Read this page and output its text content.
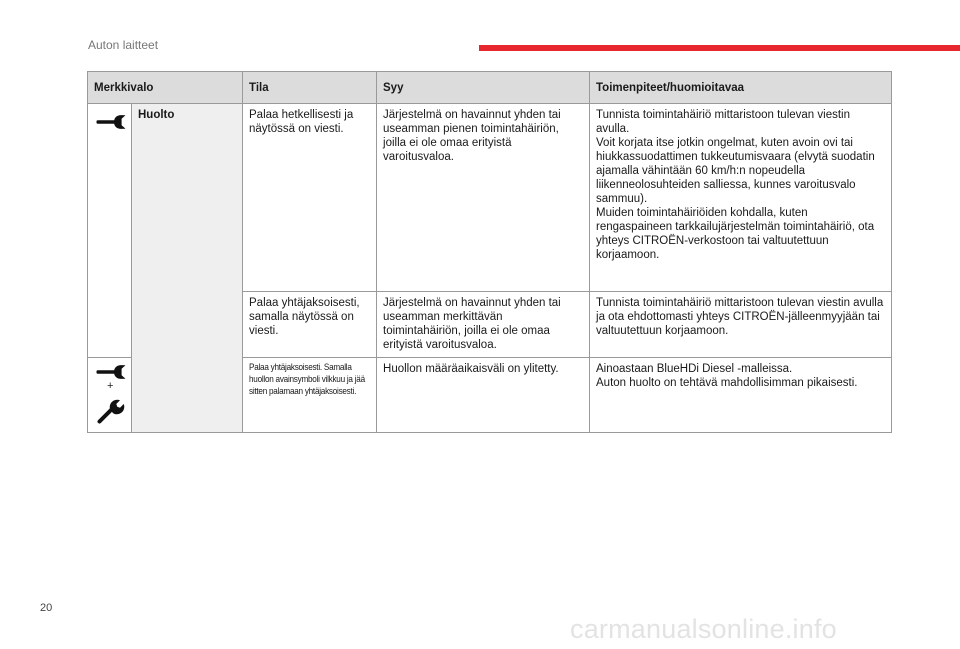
Auton laitteet
Merkkivalo		Tila	Syy	Toimenpiteet/huomioitavaa

	Huolto	Palaa hetkellisesti ja näytössä on viesti.	Järjestelmä on havainnut yhden tai useamman pienen toimintahäiriön, joilla ei ole omaa erityistä varoitusvaloa.	Tunnista toimintahäiriö mittaristoon tulevan viestin avulla.
Voit korjata itse jotkin ongelmat, kuten avoin ovi tai hiukkassuodattimen tukkeutumisvaara (elvytä suodatin ajamalla vähintään 60 km/h:n nopeudella liikenneolosuhteiden salliessa, kunnes varoitusvalo sammuu).
Muiden toimintahäiriöiden kohdalla, kuten rengaspaineen tarkkailujärjestelmän toimintahäiriö, ota yhteys CITROËN-verkostoon tai valtuutettuun korjaamoon.

		Palaa yhtäjaksoisesti, samalla näytössä on viesti.	Järjestelmä on havainnut yhden tai useamman merkittävän toimintahäiriön, joilla ei ole omaa erityistä varoitusvaloa.	Tunnista toimintahäiriö mittaristoon tulevan viestin avulla ja ota ehdottomasti yhteys CITROËN-jälleenmyyjään tai valtuutettuun korjaamoon.

+		Palaa yhtäjaksoisesti. Samalla huollon avainsymboli vilkkuu ja jää sitten palamaan yhtäjaksoisesti.	Huollon määräaikaisväli on ylitetty.	Ainoastaan BlueHDi Diesel -malleissa.
Auton huolto on tehtävä mahdollisimman pikaisesti.
20
carmanualsonline.info
